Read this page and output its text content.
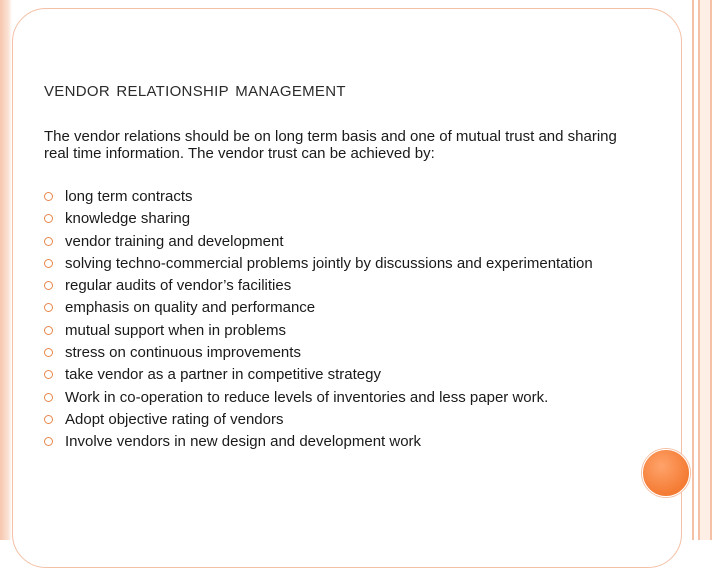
vendor relationship management

The vendor relations should be on long term basis and one of mutual trust and sharing real time information. The vendor trust can be achieved by:

long term contracts
knowledge sharing
vendor training and development
solving techno-commercial problems jointly by discussions and experimentation
regular audits of vendor’s facilities
emphasis on quality and performance
mutual support when in problems
stress on continuous improvements
take vendor as a partner in competitive strategy
Work in co-operation to reduce levels of inventories and less paper work.
Adopt objective rating of vendors
Involve vendors in new design and development work
